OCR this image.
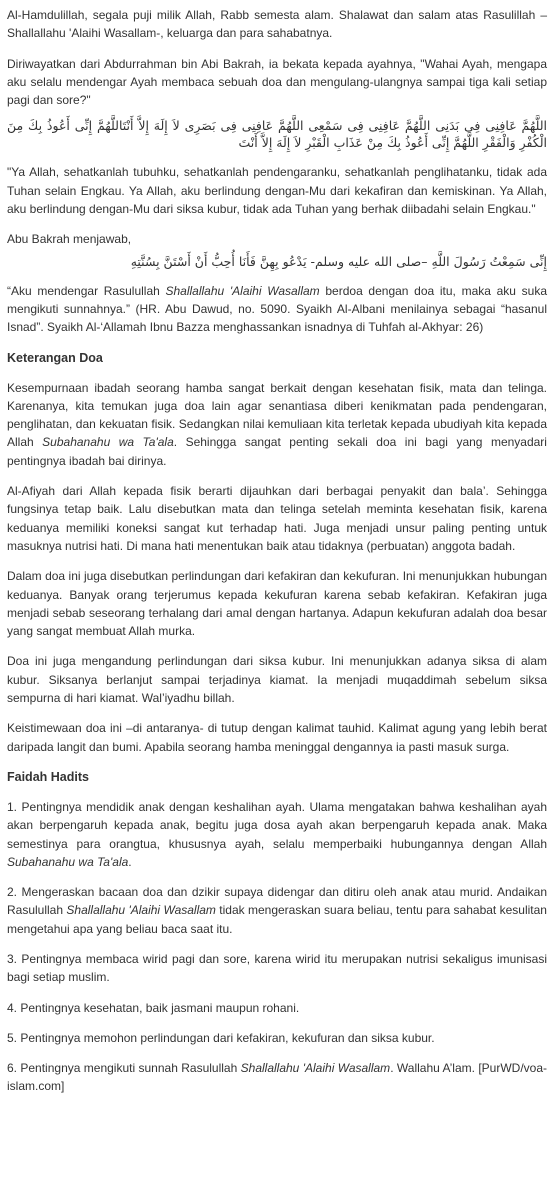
Al-Hamdulillah, segala puji milik Allah, Rabb semesta alam. Shalawat dan salam atas Rasulillah –Shallallahu 'Alaihi Wasallam-, keluarga dan para sahabatnya.

Diriwayatkan dari Abdurrahman bin Abi Bakrah, ia bekata kepada ayahnya, "Wahai Ayah, mengapa aku selalu mendengar Ayah membaca sebuah doa dan mengulang-ulangnya sampai tiga kali setiap pagi dan sore?"

اللَّهُمَّ عَافِنِى فِى بَدَنِى اللَّهُمَّ عَافِنِى فِى سَمْعِى اللَّهُمَّ عَافِنِى فِى بَصَرِى لاَ إِلَهَ إِلاَّ أَنْتَاللَّهُمَّ إِنِّى أَعُوذُ بِكَ مِنَ الْكُفْرِ وَالْفَقْرِ اللَّهُمَّ إِنِّى أَعُوذُ بِكَ مِنْ عَذَابِ الْقَبْرِ لاَ إِلَهَ إِلاَّ أَنْتَ

"Ya Allah, sehatkanlah tubuhku, sehatkanlah pendengaranku, sehatkanlah penglihatanku, tidak ada Tuhan selain Engkau. Ya Allah, aku berlindung dengan-Mu dari kekafiran dan kemiskinan. Ya Allah, aku berlindung dengan-Mu dari siksa kubur, tidak ada Tuhan yang berhak diibadahi selain Engkau."

Abu Bakrah menjawab,

إِنِّى سَمِعْتُ رَسُولَ اللَّهِ –صلى الله عليه وسلم- يَدْعُو بِهِنَّ فَأَنَا أُحِبُّ أَنْ أَسْتَنَّ بِسُنَّتِهِ

“Aku mendengar Rasulullah Shallallahu 'Alaihi Wasallam berdoa dengan doa itu, maka aku suka mengikuti sunnahnya.” (HR. Abu Dawud, no. 5090. Syaikh Al-Albani menilainya sebagai “hasanul Isnad”. Syaikh Al-‘Allamah Ibnu Bazza menghassankan isnadnya di Tuhfah al-Akhyar: 26)

Keterangan Doa

Kesempurnaan ibadah seorang hamba sangat berkait dengan kesehatan fisik, mata dan telinga. Karenanya, kita temukan juga doa lain agar senantiasa diberi kenikmatan pada pendengaran, penglihatan, dan kekuatan fisik. Sedangkan nilai kemuliaan kita terletak kepada ubudiyah kita kepada Allah Subahanahu wa Ta'ala. Sehingga sangat penting sekali doa ini bagi yang menyadari pentingnya ibadah bai dirinya.

Al-Afiyah dari Allah kepada fisik berarti dijauhkan dari berbagai penyakit dan bala’. Sehingga fungsinya tetap baik. Lalu disebutkan mata dan telinga setelah meminta kesehatan fisik, karena keduanya memiliki koneksi sangat kut terhadap hati. Juga menjadi unsur paling penting untuk masuknya nutrisi hati. Di mana hati menentukan baik atau tidaknya (perbuatan) anggota badah.

Dalam doa ini juga disebutkan perlindungan dari kefakiran dan kekufuran. Ini menunjukkan hubungan keduanya. Banyak orang terjerumus kepada kekufuran karena sebab kefakiran. Kefakiran juga menjadi sebab seseorang terhalang dari amal dengan hartanya. Adapun kekufuran adalah doa besar yang sangat membuat Allah murka.

Doa ini juga mengandung perlindungan dari siksa kubur. Ini menunjukkan adanya siksa di alam kubur. Siksanya berlanjut sampai terjadinya kiamat. Ia menjadi muqaddimah sebelum siksa sempurna di hari kiamat. Wal’iyadhu billah.

Keistimewaan doa ini –di antaranya- di tutup dengan kalimat tauhid. Kalimat agung yang lebih berat daripada langit dan bumi. Apabila seorang hamba meninggal dengannya ia pasti masuk surga.

Faidah Hadits

1. Pentingnya mendidik anak dengan keshalihan ayah. Ulama mengatakan bahwa keshalihan ayah akan berpengaruh kepada anak, begitu juga dosa ayah akan berpengaruh kepada anak. Maka semestinya para orangtua, khususnya ayah, selalu memperbaiki hubungannya dengan Allah Subahanahu wa Ta'ala.

2. Mengeraskan bacaan doa dan dzikir supaya didengar dan ditiru oleh anak atau murid. Andaikan Rasulullah Shallallahu 'Alaihi Wasallam tidak mengeraskan suara beliau, tentu para sahabat kesulitan mengetahui apa yang beliau baca saat itu.

3. Pentingnya membaca wirid pagi dan sore, karena wirid itu merupakan nutrisi sekaligus imunisasi bagi setiap muslim.

4. Pentingnya kesehatan, baik jasmani maupun rohani.

5. Pentingnya memohon perlindungan dari kefakiran, kekufuran dan siksa kubur.

6. Pentingnya mengikuti sunnah Rasulullah Shallallahu 'Alaihi Wasallam. Wallahu A’lam. [PurWD/voa-islam.com]
